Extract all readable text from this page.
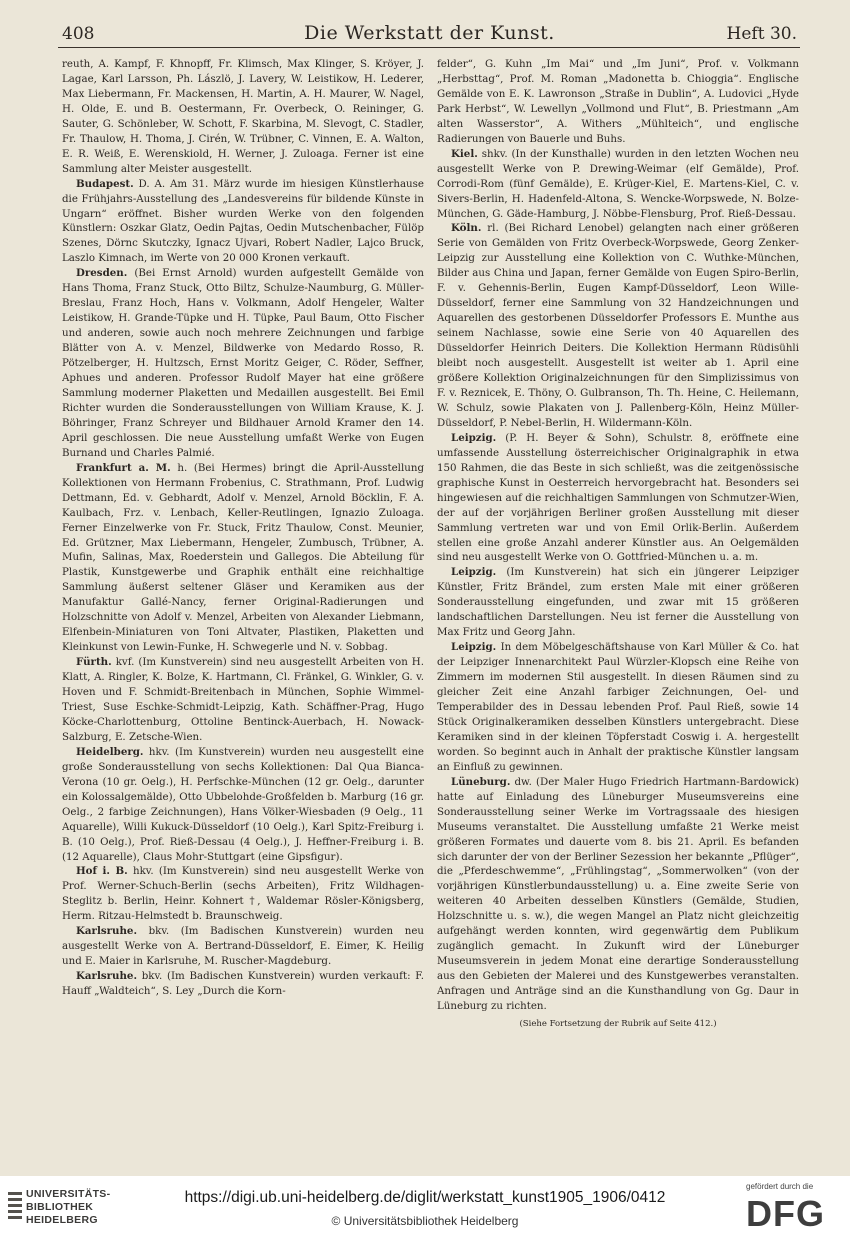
408	Die Werkstatt der Kunst.	Heft 30.

reuth, A. Kampf, F. Khnopff, Fr. Klimsch, Max Klinger, S. Kröyer, J. Lagae, Karl Larsson, Ph. Lászlö, J. Lavery, W. Leistikow, H. Lederer, Max Liebermann, Fr. Mackensen, H. Martin, A. H. Maurer, W. Nagel, H. Olde, E. und B. Oestermann, Fr. Overbeck, O. Reininger, G. Sauter, G. Schönleber, W. Schott, F. Skarbina, M. Slevogt, C. Stadler, Fr. Thaulow, H. Thoma, J. Cirén, W. Trübner, C. Vinnen, E. A. Walton, E. R. Weiß, E. Werenskiold, H. Werner, J. Zuloaga. Ferner ist eine Sammlung alter Meister ausgestellt.

Budapest. D. A. Am 31. März wurde im hiesigen Künstlerhause die Frühjahrs-Ausstellung des „Landesvereins für bildende Künste in Ungarn“ eröffnet. Bisher wurden Werke von den folgenden Künstlern: Oszkar Glatz, Oedin Pajtas, Oedin Mutschenbacher, Fülöp Szenes, Dörnc Skutczky, Ignacz Ujvari, Robert Nadler, Lajco Bruck, Laszlo Kimnach, im Werte von 20 000 Kronen verkauft.

Dresden. (Bei Ernst Arnold) wurden aufgestellt Gemälde von Hans Thoma, Franz Stuck, Otto Biltz, Schulze-Naumburg, G. Müller-Breslau, Franz Hoch, Hans v. Volkmann, Adolf Hengeler, Walter Leistikow, H. Grande-Tüpke und H. Tüpke, Paul Baum, Otto Fischer und anderen, sowie auch noch mehrere Zeichnungen und farbige Blätter von A. v. Menzel, Bildwerke von Medardo Rosso, R. Pötzelberger, H. Hultzsch, Ernst Moritz Geiger, C. Röder, Seffner, Aphues und anderen. Professor Rudolf Mayer hat eine größere Sammlung moderner Plaketten und Medaillen ausgestellt. Bei Emil Richter wurden die Sonderausstellungen von William Krause, K. J. Böhringer, Franz Schreyer und Bildhauer Arnold Kramer den 14. April geschlossen. Die neue Ausstellung umfaßt Werke von Eugen Burnand und Charles Palmié.

Frankfurt a. M. h. (Bei Hermes) bringt die April-Ausstellung Kollektionen von Hermann Frobenius, C. Strathmann, Prof. Ludwig Dettmann, Ed. v. Gebhardt, Adolf v. Menzel, Arnold Böcklin, F. A. Kaulbach, Frz. v. Lenbach, Keller-Reutlingen, Ignazio Zuloaga. Ferner Einzelwerke von Fr. Stuck, Fritz Thaulow, Const. Meunier, Ed. Grützner, Max Liebermann, Hengeler, Zumbusch, Trübner, A. Mufin, Salinas, Max, Roederstein und Gallegos. Die Abteilung für Plastik, Kunstgewerbe und Graphik enthält eine reichhaltige Sammlung äußerst seltener Gläser und Keramiken aus der Manufaktur Gallé-Nancy, ferner Original-Radierungen und Holzschnitte von Adolf v. Menzel, Arbeiten von Alexander Liebmann, Elfenbein-Miniaturen von Toni Altvater, Plastiken, Plaketten und Kleinkunst von Lewin-Funke, H. Schwegerle und N. v. Sobbag.

Fürth. kvf. (Im Kunstverein) sind neu ausgestellt Arbeiten von H. Klatt, A. Ringler, K. Bolze, K. Hartmann, Cl. Fränkel, G. Winkler, G. v. Hoven und F. Schmidt-Breitenbach in München, Sophie Wimmel-Triest, Suse Eschke-Schmidt-Leipzig, Kath. Schäffner-Prag, Hugo Köcke-Charlottenburg, Ottoline Bentinck-Auerbach, H. Nowack-Salzburg, E. Zetsche-Wien.

Heidelberg. hkv. (Im Kunstverein) wurden neu ausgestellt eine große Sonderausstellung von sechs Kollektionen: Dal Qua Bianca-Verona (10 gr. Oelg.), H. Perfschke-München (12 gr. Oelg., darunter ein Kolossalgemälde), Otto Ubbelohde-Großfelden b. Marburg (16 gr. Oelg., 2 farbige Zeichnungen), Hans Völker-Wiesbaden (9 Oelg., 11 Aquarelle), Willi Kukuck-Düsseldorf (10 Oelg.), Karl Spitz-Freiburg i. B. (10 Oelg.), Prof. Rieß-Dessau (4 Oelg.), J. Heffner-Freiburg i. B. (12 Aquarelle), Claus Mohr-Stuttgart (eine Gipsfigur).

Hof i. B. hkv. (Im Kunstverein) sind neu ausgestellt Werke von Prof. Werner-Schuch-Berlin (sechs Arbeiten), Fritz Wildhagen-Steglitz b. Berlin, Heinr. Kohnert †, Waldemar Rösler-Königsberg, Herm. Ritzau-Helmstedt b. Braunschweig.

Karlsruhe. bkv. (Im Badischen Kunstverein) wurden neu ausgestellt Werke von A. Bertrand-Düsseldorf, E. Eimer, K. Heilig und E. Maier in Karlsruhe, M. Ruscher-Magdeburg.

Karlsruhe. bkv. (Im Badischen Kunstverein) wurden verkauft: F. Hauff „Waldteich“, S. Ley „Durch die Korn-

felder“, G. Kuhn „Im Mai“ und „Im Juni“, Prof. v. Volkmann „Herbsttag“, Prof. M. Roman „Madonetta b. Chioggia“. Englische Gemälde von E. K. Lawronson „Straße in Dublin“, A. Ludovici „Hyde Park Herbst“, W. Lewellyn „Vollmond und Flut“, B. Priestmann „Am alten Wasserstor“, A. Withers „Mühlteich“, und englische Radierungen von Bauerle und Buhs.

Kiel. shkv. (In der Kunsthalle) wurden in den letzten Wochen neu ausgestellt Werke von P. Drewing-Weimar (elf Gemälde), Prof. Corrodi-Rom (fünf Gemälde), E. Krüger-Kiel, E. Martens-Kiel, C. v. Sivers-Berlin, H. Hadenfeld-Altona, S. Wencke-Worpswede, N. Bolze-München, G. Gäde-Hamburg, J. Nöbbe-Flensburg, Prof. Rieß-Dessau.

Köln. rl. (Bei Richard Lenobel) gelangten nach einer größeren Serie von Gemälden von Fritz Overbeck-Worpswede, Georg Zenker-Leipzig zur Ausstellung eine Kollektion von C. Wuthke-München, Bilder aus China und Japan, ferner Gemälde von Eugen Spiro-Berlin, F. v. Gehennis-Berlin, Eugen Kampf-Düsseldorf, Leon Wille-Düsseldorf, ferner eine Sammlung von 32 Handzeichnungen und Aquarellen des gestorbenen Düsseldorfer Professors E. Munthe aus seinem Nachlasse, sowie eine Serie von 40 Aquarellen des Düsseldorfer Heinrich Deiters. Die Kollektion Hermann Rüdisühli bleibt noch ausgestellt. Ausgestellt ist weiter ab 1. April eine größere Kollektion Originalzeichnungen für den Simplizissimus von F. v. Reznicek, E. Thöny, O. Gulbranson, Th. Th. Heine, C. Heilemann, W. Schulz, sowie Plakaten von J. Pallenberg-Köln, Heinz Müller-Düsseldorf, P. Nebel-Berlin, H. Wildermann-Köln.

Leipzig. (P. H. Beyer & Sohn), Schulstr. 8, eröffnete eine umfassende Ausstellung österreichischer Originalgraphik in etwa 150 Rahmen, die das Beste in sich schließt, was die zeitgenössische graphische Kunst in Oesterreich hervorgebracht hat. Besonders sei hingewiesen auf die reichhaltigen Sammlungen von Schmutzer-Wien, der auf der vorjährigen Berliner großen Ausstellung mit dieser Sammlung vertreten war und von Emil Orlik-Berlin. Außerdem stellen eine große Anzahl anderer Künstler aus. An Oelgemälden sind neu ausgestellt Werke von O. Gottfried-München u. a. m.

Leipzig. (Im Kunstverein) hat sich ein jüngerer Leipziger Künstler, Fritz Brändel, zum ersten Male mit einer größeren Sonderausstellung eingefunden, und zwar mit 15 größeren landschaftlichen Darstellungen. Neu ist ferner die Ausstellung von Max Fritz und Georg Jahn.

Leipzig. In dem Möbelgeschäftshause von Karl Müller & Co. hat der Leipziger Innenarchitekt Paul Würzler-Klopsch eine Reihe von Zimmern im modernen Stil ausgestellt. In diesen Räumen sind zu gleicher Zeit eine Anzahl farbiger Zeichnungen, Oel- und Temperabilder des in Dessau lebenden Prof. Paul Rieß, sowie 14 Stück Originalkeramiken desselben Künstlers untergebracht. Diese Keramiken sind in der kleinen Töpferstadt Coswig i. A. hergestellt worden. So beginnt auch in Anhalt der praktische Künstler langsam an Einfluß zu gewinnen.

Lüneburg. dw. (Der Maler Hugo Friedrich Hartmann-Bardowick) hatte auf Einladung des Lüneburger Museumsvereins eine Sonderausstellung seiner Werke im Vortragssaale des hiesigen Museums veranstaltet. Die Ausstellung umfaßte 21 Werke meist größeren Formates und dauerte vom 8. bis 21. April. Es befanden sich darunter der von der Berliner Sezession her bekannte „Pflüger“, die „Pferdeschwemme“, „Frühlingstag“, „Sommerwolken“ (von der vorjährigen Künstlerbundausstellung) u. a. Eine zweite Serie von weiteren 40 Arbeiten desselben Künstlers (Gemälde, Studien, Holzschnitte u. s. w.), die wegen Mangel an Platz nicht gleichzeitig aufgehängt werden konnten, wird gegenwärtig dem Publikum zugänglich gemacht. In Zukunft wird der Lüneburger Museumsverein in jedem Monat eine derartige Sonderausstellung aus den Gebieten der Malerei und des Kunstgewerbes veranstalten. Anfragen und Anträge sind an die Kunsthandlung von Gg. Daur in Lüneburg zu richten.

(Siehe Fortsetzung der Rubrik auf Seite 412.)

UNIVERSITÄTS-
BIBLIOTHEK
HEIDELBERG
https://digi.ub.uni-heidelberg.de/diglit/werkstatt_kunst1905_1906/0412
© Universitätsbibliothek Heidelberg
gefördert durch die
DFG
